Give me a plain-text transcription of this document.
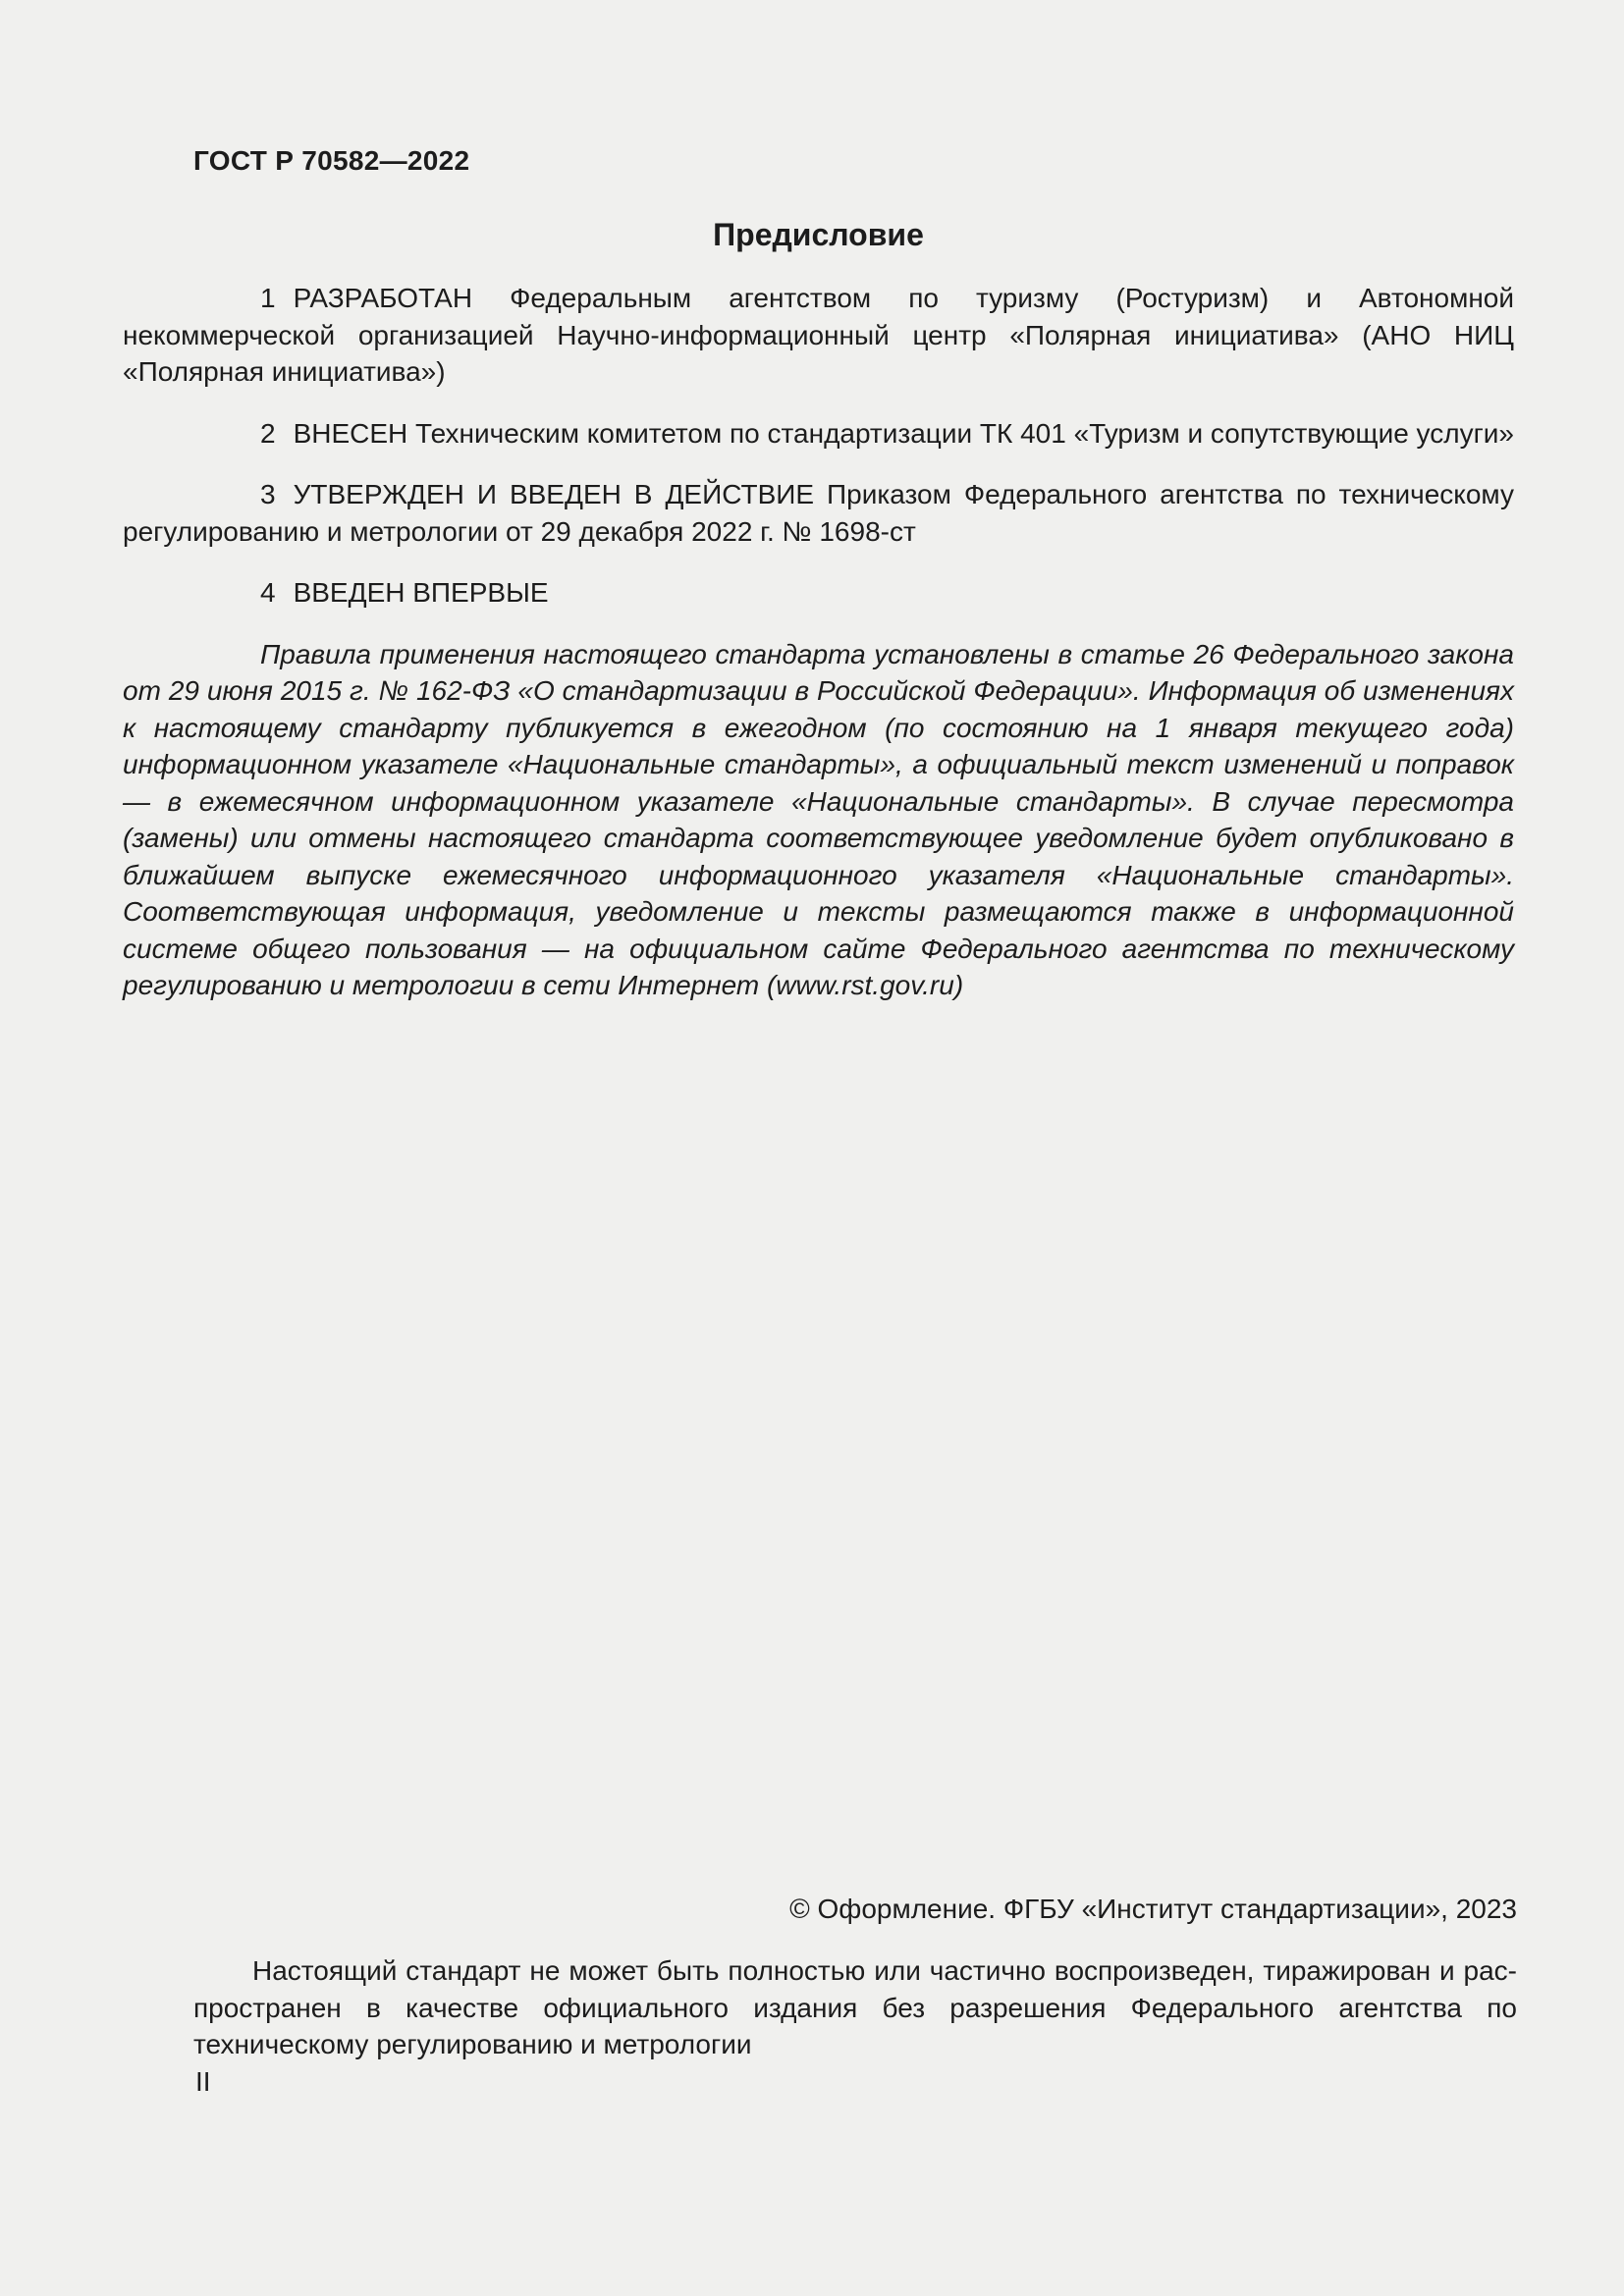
ГОСТ Р 70582—2022
Предисловие

1 РАЗРАБОТАН Федеральным агентством по туризму (Ростуризм) и Автономной некоммерческой организацией Научно-информационный центр «Полярная инициатива» (АНО НИЦ «Полярная инициатива»)

2 ВНЕСЕН Техническим комитетом по стандартизации ТК 401 «Туризм и сопутствующие услуги»

3 УТВЕРЖДЕН И ВВЕДЕН В ДЕЙСТВИЕ Приказом Федерального агентства по техническому регулированию и метрологии от 29 декабря 2022 г. № 1698-ст

4 ВВЕДЕН ВПЕРВЫЕ

Правила применения настоящего стандарта установлены в статье 26 Федерального закона от 29 июня 2015 г. № 162-ФЗ «О стандартизации в Российской Федерации». Информация об изменениях к настоящему стандарту публикуется в ежегодном (по состоянию на 1 января текущего года) информационном указателе «Национальные стандарты», а официальный текст изменений и поправок — в ежемесячном информационном указателе «Национальные стандарты». В случае пересмотра (замены) или отмены настоящего стандарта соответствующее уведомление будет опубликовано в ближайшем выпуске ежемесячного информационного указателя «Национальные стандарты». Соответствующая информация, уведомление и тексты размещаются также в информационной системе общего пользования — на официальном сайте Федерального агентства по техническому регулированию и метрологии в сети Интернет (www.rst.gov.ru)

© Оформление. ФГБУ «Институт стандартизации», 2023
Настоящий стандарт не может быть полностью или частично воспроизведен, тиражирован и распространен в качестве официального издания без разрешения Федерального агентства по техническому регулированию и метрологии
II
